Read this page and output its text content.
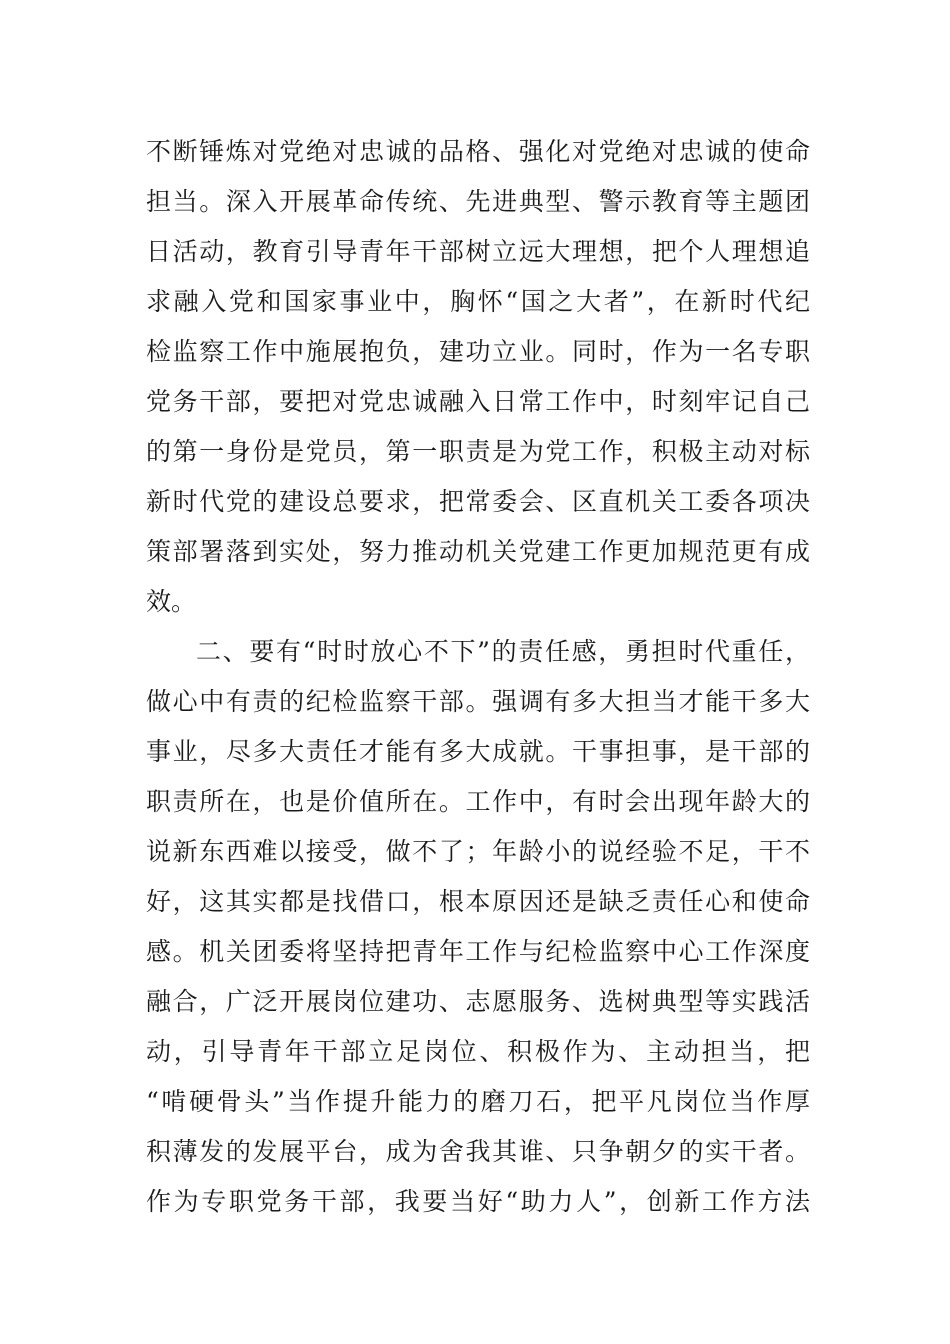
不断锤炼对党绝对忠诚的品格、强化对党绝对忠诚的使命
担当。深入开展革命传统、先进典型、警示教育等主题团
日活动，教育引导青年干部树立远大理想，把个人理想追
求融入党和国家事业中，胸怀“国之大者”，在新时代纪
检监察工作中施展抱负，建功立业。同时，作为一名专职
党务干部，要把对党忠诚融入日常工作中，时刻牢记自己
的第一身份是党员，第一职责是为党工作，积极主动对标
新时代党的建设总要求，把常委会、区直机关工委各项决
策部署落到实处，努力推动机关党建工作更加规范更有成
效。
二、要有“时时放心不下”的责任感，勇担时代重任，
做心中有责的纪检监察干部。强调有多大担当才能干多大
事业，尽多大责任才能有多大成就。干事担事，是干部的
职责所在，也是价值所在。工作中，有时会出现年龄大的
说新东西难以接受，做不了；年龄小的说经验不足，干不
好，这其实都是找借口，根本原因还是缺乏责任心和使命
感。机关团委将坚持把青年工作与纪检监察中心工作深度
融合，广泛开展岗位建功、志愿服务、选树典型等实践活
动，引导青年干部立足岗位、积极作为、主动担当，把
“啃硬骨头”当作提升能力的磨刀石，把平凡岗位当作厚
积薄发的发展平台，成为舍我其谁、只争朝夕的实干者。
作为专职党务干部，我要当好“助力人”，创新工作方法
